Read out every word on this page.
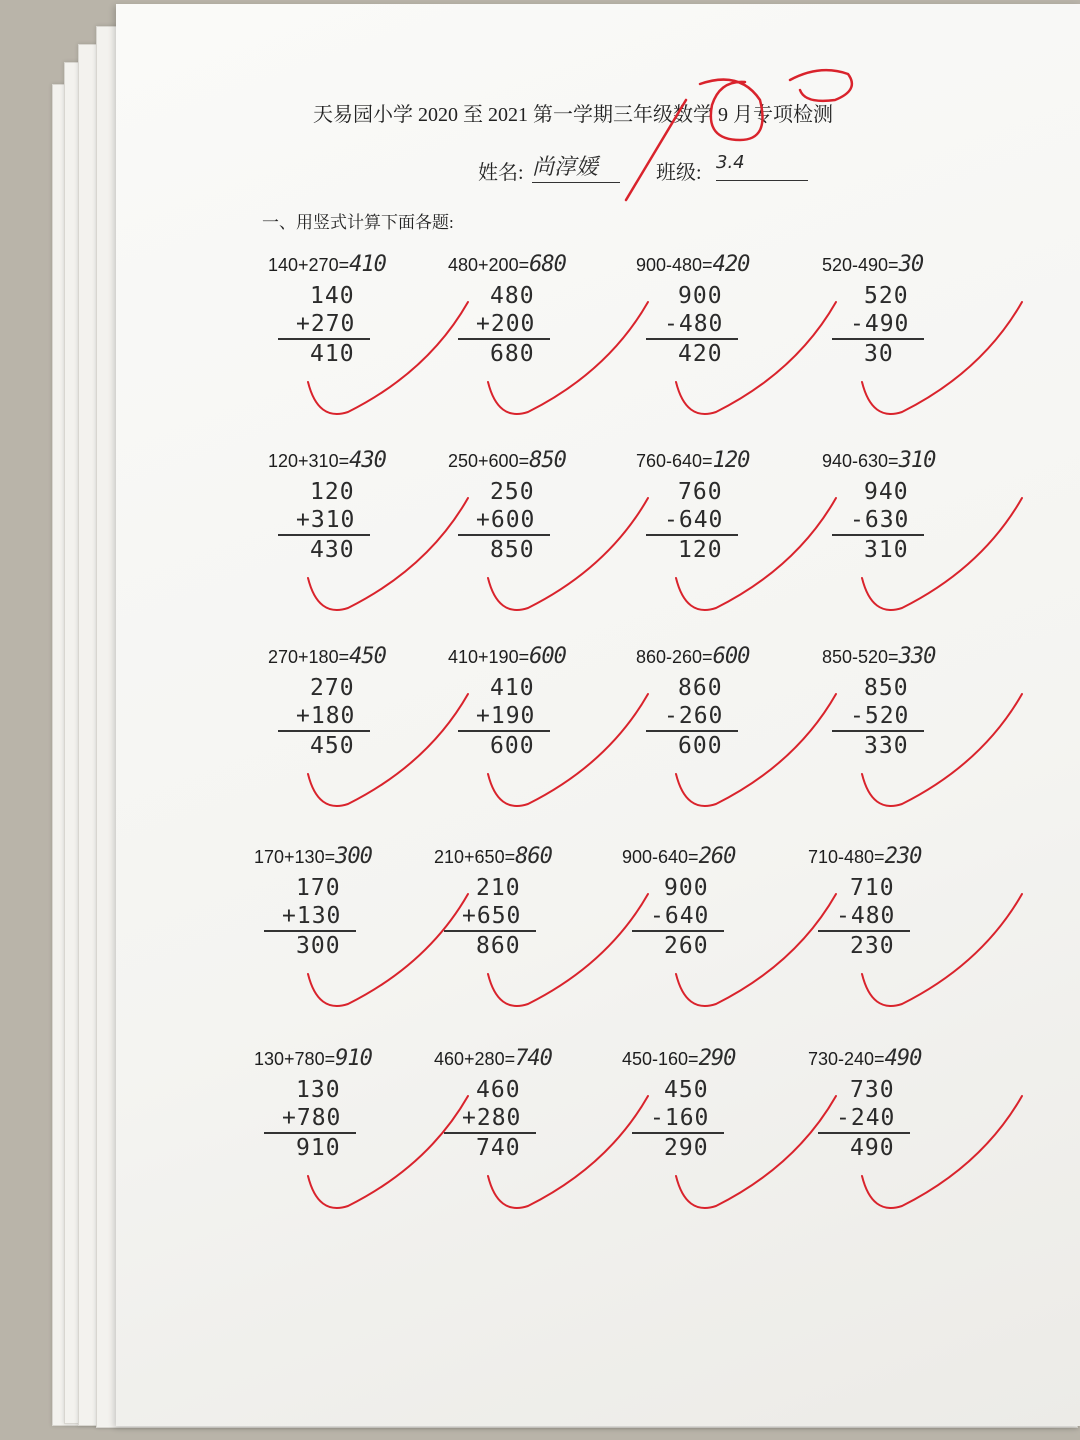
天易园小学 2020 至 2021 第一学期三年级数学 9 月专项检测
姓名: 尚淳媛	班级: 3.4
一、用竖式计算下面各题:
140+270=410
140
+270
410
480+200=680
480
+200
680
900-480=420
900
-480
420
520-490=30
520
-490
30
120+310=430
120
+310
430
250+600=850
250
+600
850
760-640=120
760
-640
120
940-630=310
940
-630
310
270+180=450
270
+180
450
410+190=600
410
+190
600
860-260=600
860
-260
600
850-520=330
850
-520
330
170+130=300
170
+130
300
210+650=860
210
+650
860
900-640=260
900
-640
260
710-480=230
710
-480
230
130+780=910
130
+780
910
460+280=740
460
+280
740
450-160=290
450
-160
290
730-240=490
730
-240
490
